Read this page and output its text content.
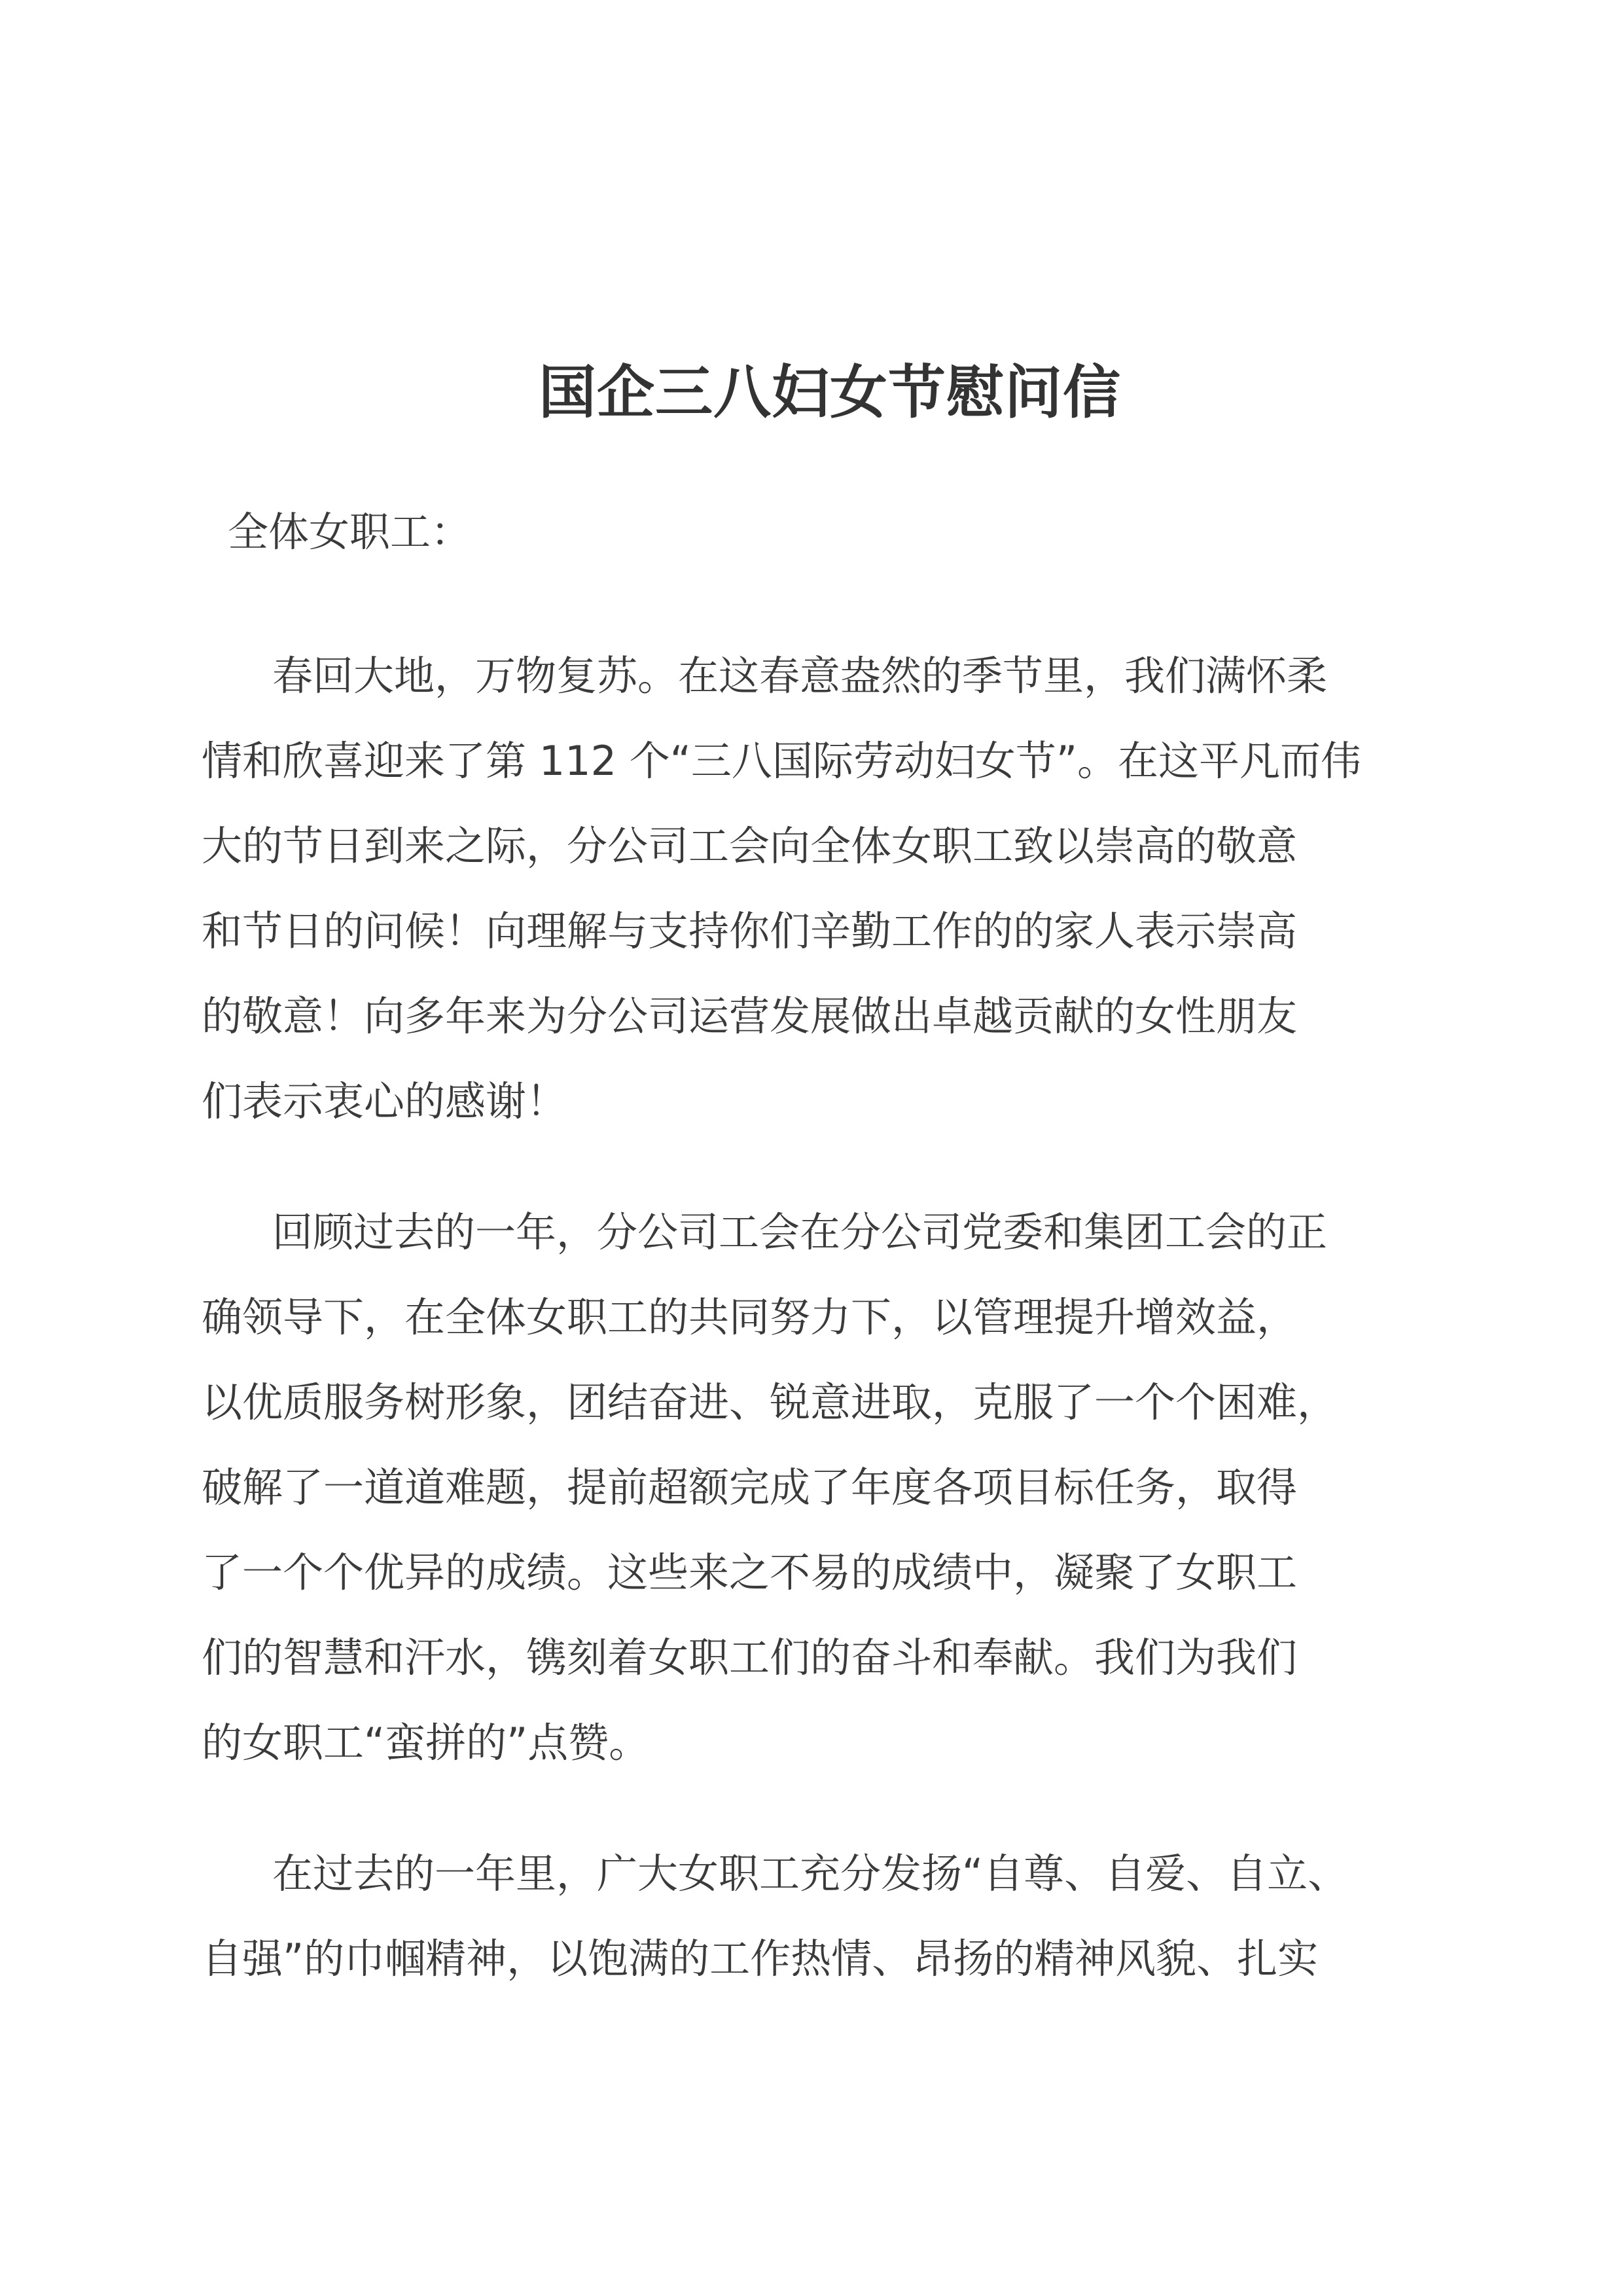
国企三八妇女节慰问信
全体女职工：
春回大地，万物复苏。在这春意盎然的季节里，我们满怀柔
情和欣喜迎来了第 112 个“三八国际劳动妇女节”。在这平凡而伟
大的节日到来之际，分公司工会向全体女职工致以崇高的敬意
和节日的问候！向理解与支持你们辛勤工作的的家人表示崇高
的敬意！向多年来为分公司运营发展做出卓越贡献的女性朋友
们表示衷心的感谢！
回顾过去的一年，分公司工会在分公司党委和集团工会的正
确领导下，在全体女职工的共同努力下，以管理提升增效益，
以优质服务树形象，团结奋进、锐意进取，克服了一个个困难，
破解了一道道难题，提前超额完成了年度各项目标任务，取得
了一个个优异的成绩。这些来之不易的成绩中，凝聚了女职工
们的智慧和汗水，镌刻着女职工们的奋斗和奉献。我们为我们
的女职工“蛮拼的”点赞。
在过去的一年里，广大女职工充分发扬“自尊、自爱、自立、
自强”的巾帼精神，以饱满的工作热情、昂扬的精神风貌、扎实
